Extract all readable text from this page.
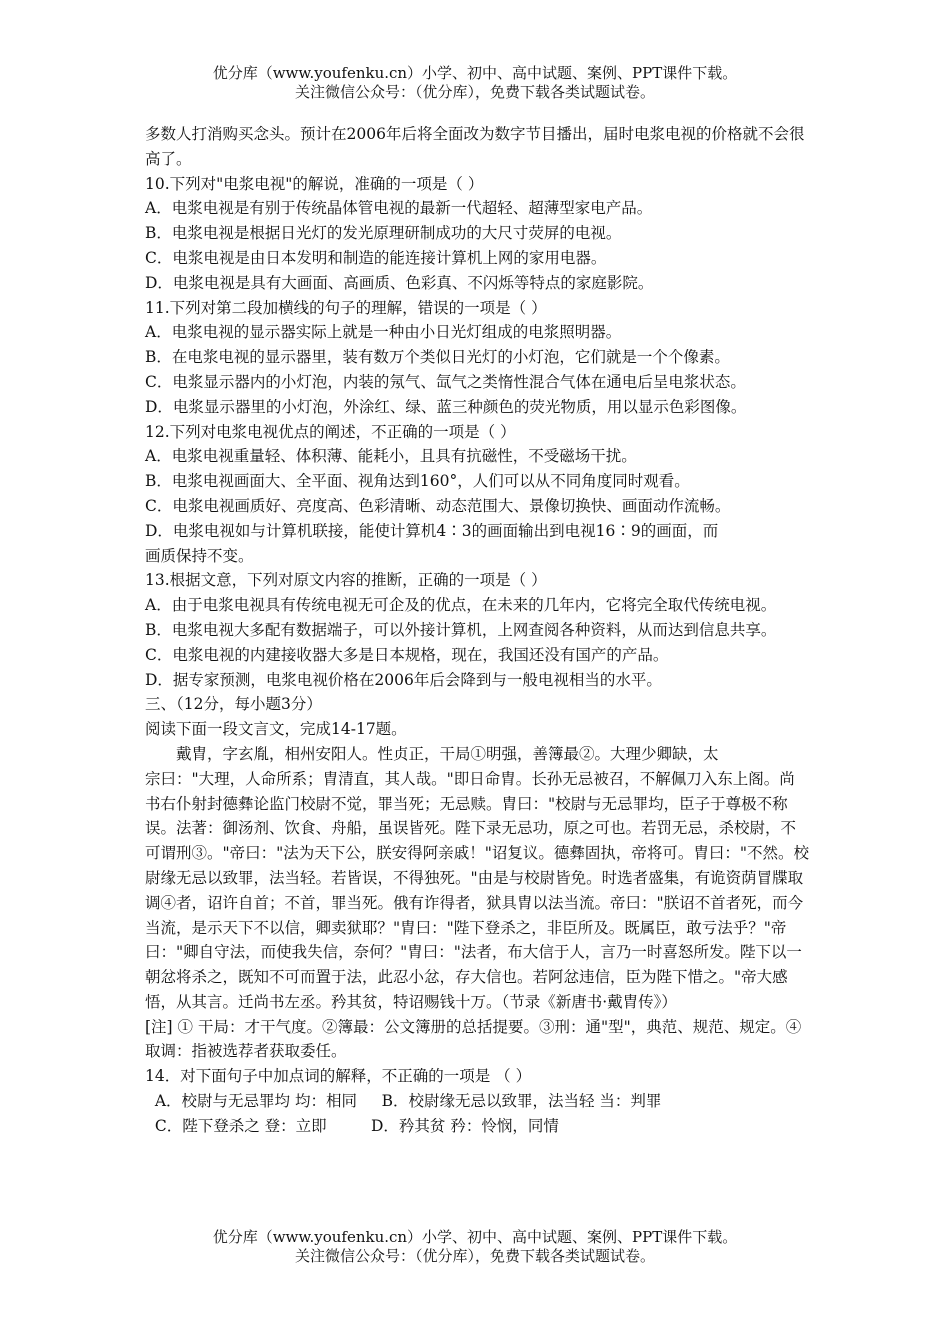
优分库（www.youfenku.cn）小学、初中、高中试题、案例、PPT课件下载。
关注微信公众号：（优分库），免费下载各类试题试卷。

多数人打消购买念头。预计在2006年后将全面改为数字节目播出，届时电浆电视的价格就不会很高了。

10.下列对"电浆电视"的解说，准确的一项是（ ）

A．电浆电视是有别于传统晶体管电视的最新一代超轻、超薄型家电产品。

B．电浆电视是根据日光灯的发光原理研制成功的大尺寸荧屏的电视。

C．电浆电视是由日本发明和制造的能连接计算机上网的家用电器。

D．电浆电视是具有大画面、高画质、色彩真、不闪烁等特点的家庭影院。

11.下列对第二段加横线的句子的理解，错误的一项是（ ）

A．电浆电视的显示器实际上就是一种由小日光灯组成的电浆照明器。

B．在电浆电视的显示器里，装有数万个类似日光灯的小灯泡，它们就是一个个像素。

C．电浆显示器内的小灯泡，内装的氖气、氙气之类惰性混合气体在通电后呈电浆状态。

D．电浆显示器里的小灯泡，外涂红、绿、蓝三种颜色的荧光物质，用以显示色彩图像。

12.下列对电浆电视优点的阐述，不正确的一项是（ ）

A．电浆电视重量轻、体积薄、能耗小，且具有抗磁性，不受磁场干扰。

B．电浆电视画面大、全平面、视角达到160°，人们可以从不同角度同时观看。

C．电浆电视画质好、亮度高、色彩清晰、动态范围大、景像切换快、画面动作流畅。

D．电浆电视如与计算机联接，能使计算机4∶3的画面输出到电视16∶9的画面，而

画质保持不变。

13.根据文意，下列对原文内容的推断，正确的一项是（ ）

A．由于电浆电视具有传统电视无可企及的优点，在未来的几年内，它将完全取代传统电视。

B．电浆电视大多配有数据端子，可以外接计算机，上网查阅各种资料，从而达到信息共享。

C．电浆电视的内建接收器大多是日本规格，现在，我国还没有国产的产品。

D．据专家预测，电浆电视价格在2006年后会降到与一般电视相当的水平。

三、（12分，每小题3分）

阅读下面一段文言文，完成14-17题。

戴胄，字玄胤，相州安阳人。性贞正，干局①明强，善簿最②。大理少卿缺，太

宗曰："大理，人命所系；胄清直，其人哉。"即日命胄。长孙无忌被召，不解佩刀入东上阁。尚书右仆射封德彝论监门校尉不觉，罪当死；无忌赎。胄曰："校尉与无忌罪均，臣子于尊极不称误。法著：御汤剂、饮食、舟船，虽误皆死。陛下录无忌功，原之可也。若罚无忌，杀校尉，不可谓刑③。"帝曰："法为天下公，朕安得阿亲戚！"诏复议。德彝固执，帝将可。胄曰："不然。校尉缘无忌以致罪，法当轻。若皆误，不得独死。"由是与校尉皆免。时选者盛集，有诡资荫冒牒取调④者，诏许自首；不首，罪当死。俄有诈得者，狱具胄以法当流。帝曰："朕诏不首者死，而今当流，是示天下不以信，卿卖狱耶？"胄曰："陛下登杀之，非臣所及。既属臣，敢亏法乎？"帝曰："卿自守法，而使我失信，奈何？"胄曰："法者，布大信于人，言乃一时喜怒所发。陛下以一朝忿将杀之，既知不可而置于法，此忍小忿，存大信也。若阿忿违信，臣为陛下惜之。"帝大感悟，从其言。迁尚书左丞。矜其贫，特诏赐钱十万。（节录《新唐书·戴胄传》）

[注] ① 干局：才干气度。②簿最：公文簿册的总括提要。③刑：通"型"，典范、规范、规定。④取调：指被选荐者获取委任。

14．对下面句子中加点词的解释，不正确的一项是 （ ）

A．校尉与无忌罪均 均：相同     B．校尉缘无忌以致罪，法当轻 当：判罪

C．陛下登杀之 登：立即         D．矜其贫 矜：怜悯，同情

优分库（www.youfenku.cn）小学、初中、高中试题、案例、PPT课件下载。
关注微信公众号：（优分库），免费下载各类试题试卷。
